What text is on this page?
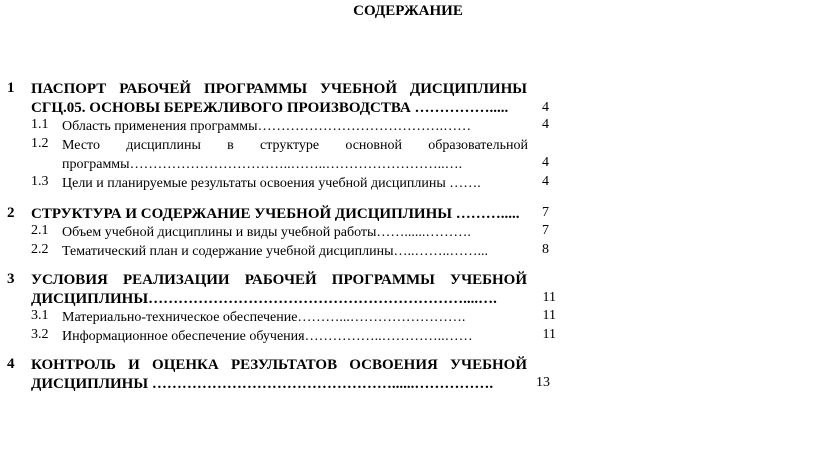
СОДЕРЖАНИЕ
1 ПАСПОРТ РАБОЧЕЙ ПРОГРАММЫ УЧЕБНОЙ ДИСЦИПЛИНЫ
СГЦ.05. ОСНОВЫ БЕРЕЖЛИВОГО ПРОИЗВОДСТВА …………….....	4
1.1 Область применения программы………………………………….……	4
1.2 Место дисциплины в структуре основной образовательной
программы……………………………..……..……………………..….	4
1.3 Цели и планируемые результаты освоения учебной дисциплины …….	4
2 СТРУКТУРА И СОДЕРЖАНИЕ УЧЕБНОЙ ДИСЦИПЛИНЫ ……….....	7
2.1 Объем учебной дисциплины и виды учебной работы……......……….	7
2.2 Тематический план и содержание учебной дисциплины…..……..……...	8
3 УСЛОВИЯ РЕАЛИЗАЦИИ РАБОЧЕЙ ПРОГРАММЫ УЧЕБНОЙ
ДИСЦИПЛИНЫ………………………………………………………....….	11
3.1 Материально-техническое обеспечение………...…………………….	11
3.2 Информационное обеспечение обучения……………..…………..……	11
4 КОНТРОЛЬ И ОЦЕНКА РЕЗУЛЬТАТОВ ОСВОЕНИЯ УЧЕБНОЙ
ДИСЦИПЛИНЫ …………………………………………......…………….	13
